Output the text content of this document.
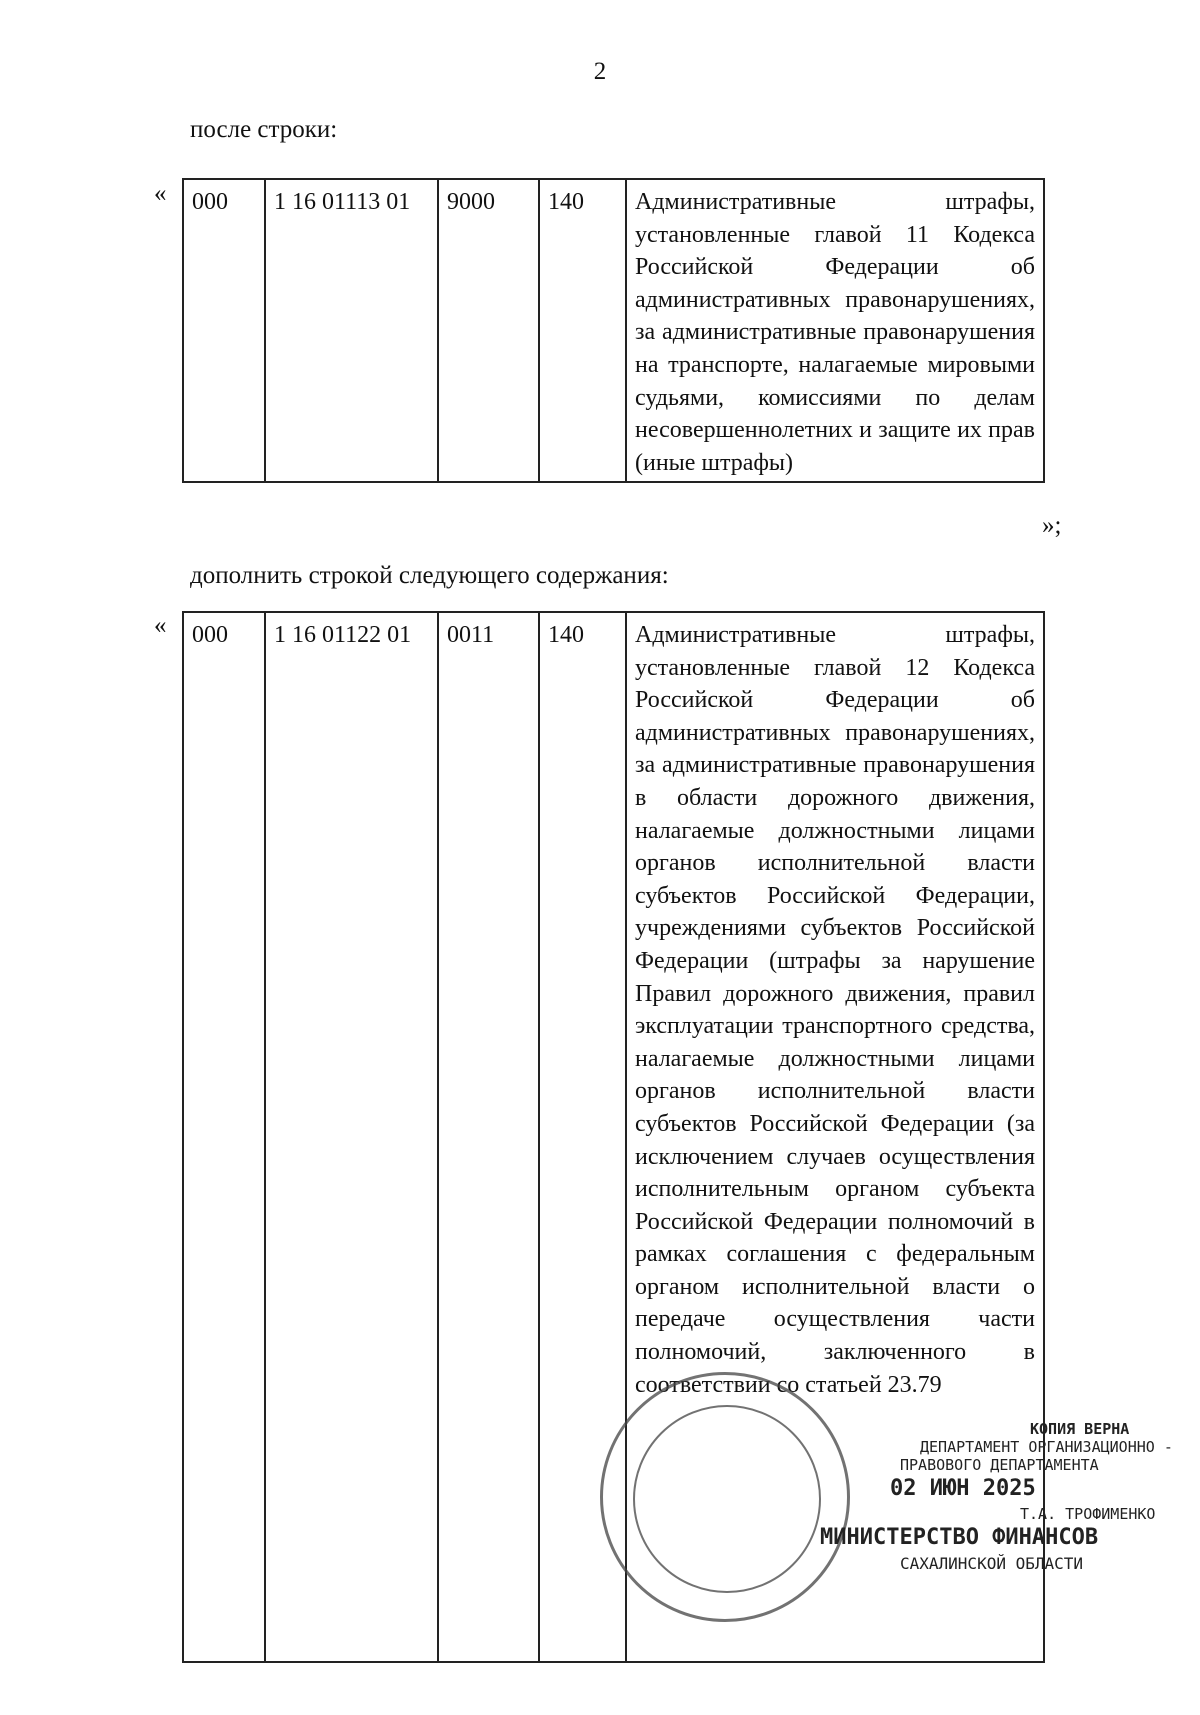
2
после строки:
« 000	1 16 01113 01	9000	140	Административные штрафы, установленные главой 11 Кодекса Российской Федерации об административных правонарушениях, за административные правонарушения на транспорте, налагаемые мировыми судьями, комиссиями по делам несовершеннолетних и защите их прав (иные штрафы)
»;
дополнить строкой следующего содержания:
« 000	1 16 01122 01	0011	140	Административные штрафы, установленные главой 12 Кодекса Российской Федерации об административных правонарушениях, за административные правонарушения в области дорожного движения, налагаемые должностными лицами органов исполнительной власти субъектов Российской Федерации, учреждениями субъектов Российской Федерации (штрафы за нарушение Правил дорожного движения, правил эксплуатации транспортного средства, налагаемые должностными лицами органов исполнительной власти субъектов Российской Федерации (за исключением случаев осуществления исполнительным органом субъекта Российской Федерации полномочий в рамках соглашения с федеральным органом исполнительной власти о передаче осуществления части полномочий, заключенного в соответствии со статьей 23.79
КОПИЯ ВЕРНА
ДЕПАРТАМЕНТ ОРГАНИЗАЦИОННО -
ПРАВОВОГО ДЕПАРТАМЕНТА
02 ИЮН 2025
Т.А. ТРОФИМЕНКО
МИНИСТЕРСТВО ФИНАНСОВ
САХАЛИНСКОЙ ОБЛАСТИ
